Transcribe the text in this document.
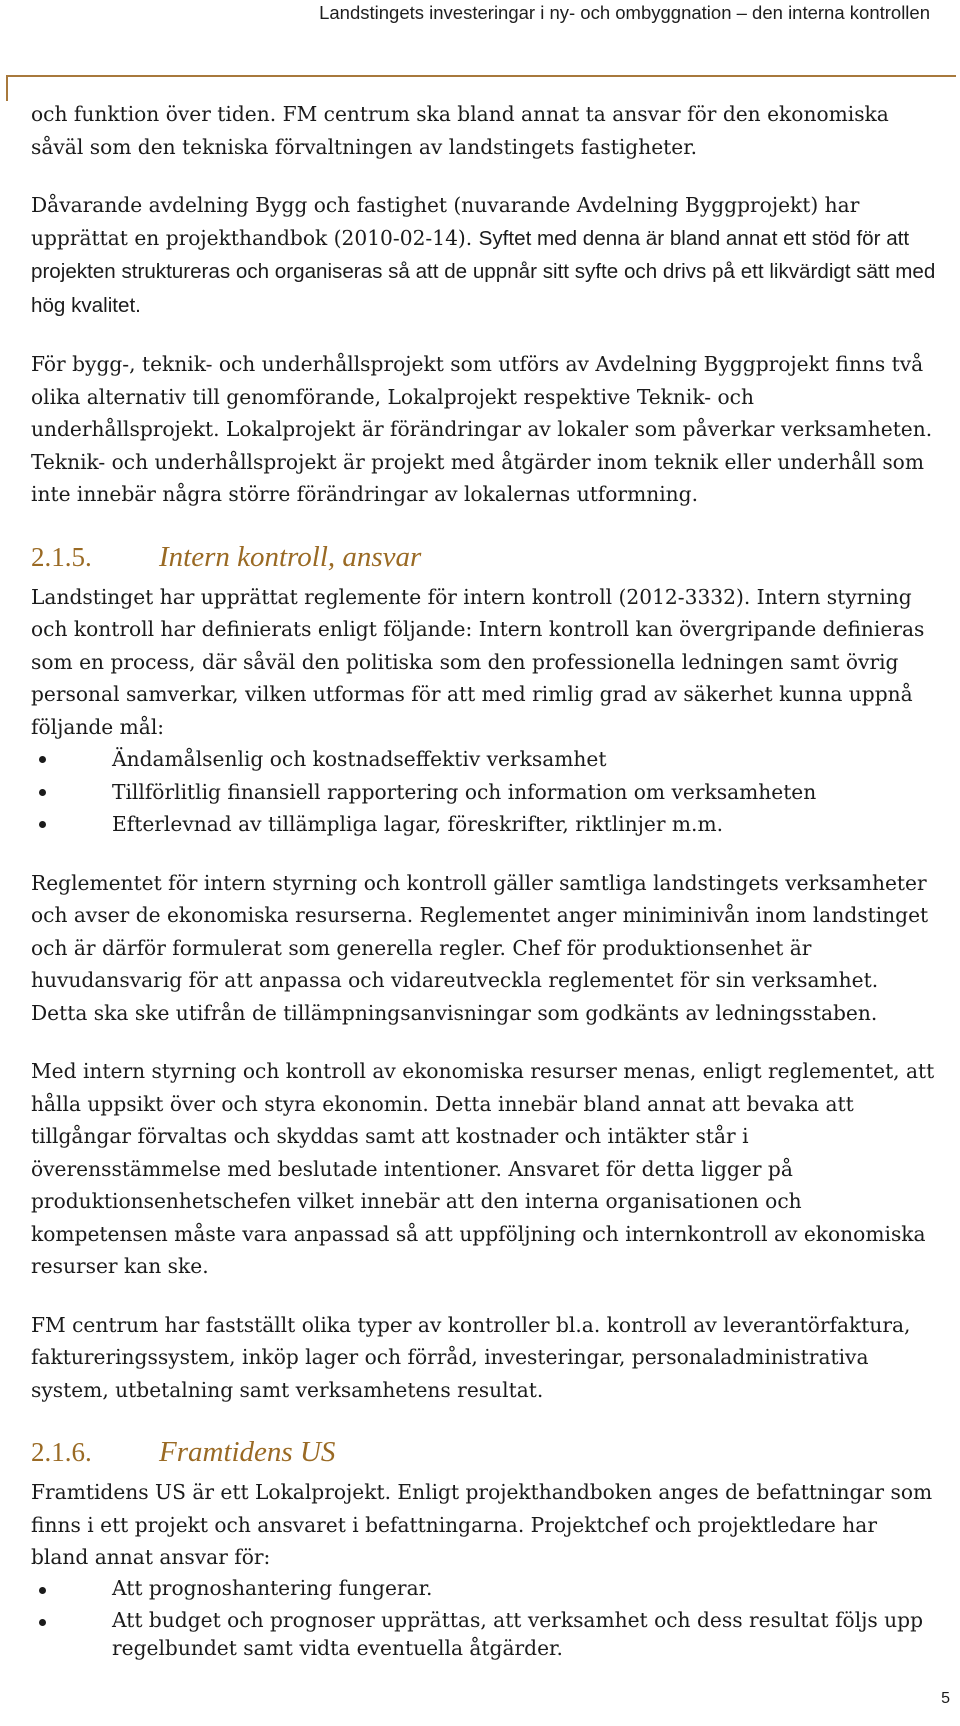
Landstingets investeringar i ny- och ombyggnation – den interna kontrollen

och funktion över tiden. FM centrum ska bland annat ta ansvar för den ekonomiska såväl som den tekniska förvaltningen av landstingets fastigheter.

Dåvarande avdelning Bygg och fastighet (nuvarande Avdelning Byggprojekt) har upprättat en projekthandbok (2010-02-14). Syftet med denna är bland annat ett stöd för att projekten struktureras och organiseras så att de uppnår sitt syfte och drivs på ett likvärdigt sätt med hög kvalitet.

För bygg-, teknik- och underhållsprojekt som utförs av Avdelning Byggprojekt finns två olika alternativ till genomförande, Lokalprojekt respektive Teknik- och underhållsprojekt. Lokalprojekt är förändringar av lokaler som påverkar verksamheten. Teknik- och underhållsprojekt är projekt med åtgärder inom teknik eller underhåll som inte innebär några större förändringar av lokalernas utformning.

2.1.5. Intern kontroll, ansvar

Landstinget har upprättat reglemente för intern kontroll (2012-3332). Intern styrning och kontroll har definierats enligt följande: Intern kontroll kan övergripande definieras som en process, där såväl den politiska som den professionella ledningen samt övrig personal samverkar, vilken utformas för att med rimlig grad av säkerhet kunna uppnå följande mål:

Ändamålsenlig och kostnadseffektiv verksamhet
Tillförlitlig finansiell rapportering och information om verksamheten
Efterlevnad av tillämpliga lagar, föreskrifter, riktlinjer m.m.

Reglementet för intern styrning och kontroll gäller samtliga landstingets verksamheter och avser de ekonomiska resurserna. Reglementet anger miniminivån inom landstinget och är därför formulerat som generella regler. Chef för produktionsenhet är huvudansvarig för att anpassa och vidareutveckla reglementet för sin verksamhet. Detta ska ske utifrån de tillämpningsanvisningar som godkänts av ledningsstaben.

Med intern styrning och kontroll av ekonomiska resurser menas, enligt reglementet, att hålla uppsikt över och styra ekonomin. Detta innebär bland annat att bevaka att tillgångar förvaltas och skyddas samt att kostnader och intäkter står i överensstämmelse med beslutade intentioner. Ansvaret för detta ligger på produktionsenhetschefen vilket innebär att den interna organisationen och kompetensen måste vara anpassad så att uppföljning och internkontroll av ekonomiska resurser kan ske.

FM centrum har fastställt olika typer av kontroller bl.a. kontroll av leverantörfaktura, faktureringssystem, inköp lager och förråd, investeringar, personaladministrativa system, utbetalning samt verksamhetens resultat.

2.1.6. Framtidens US

Framtidens US är ett Lokalprojekt. Enligt projekthandboken anges de befattningar som finns i ett projekt och ansvaret i befattningarna. Projektchef och projektledare har bland annat ansvar för:

Att prognoshantering fungerar.
Att budget och prognoser upprättas, att verksamhet och dess resultat följs upp regelbundet samt vidta eventuella åtgärder.
5
